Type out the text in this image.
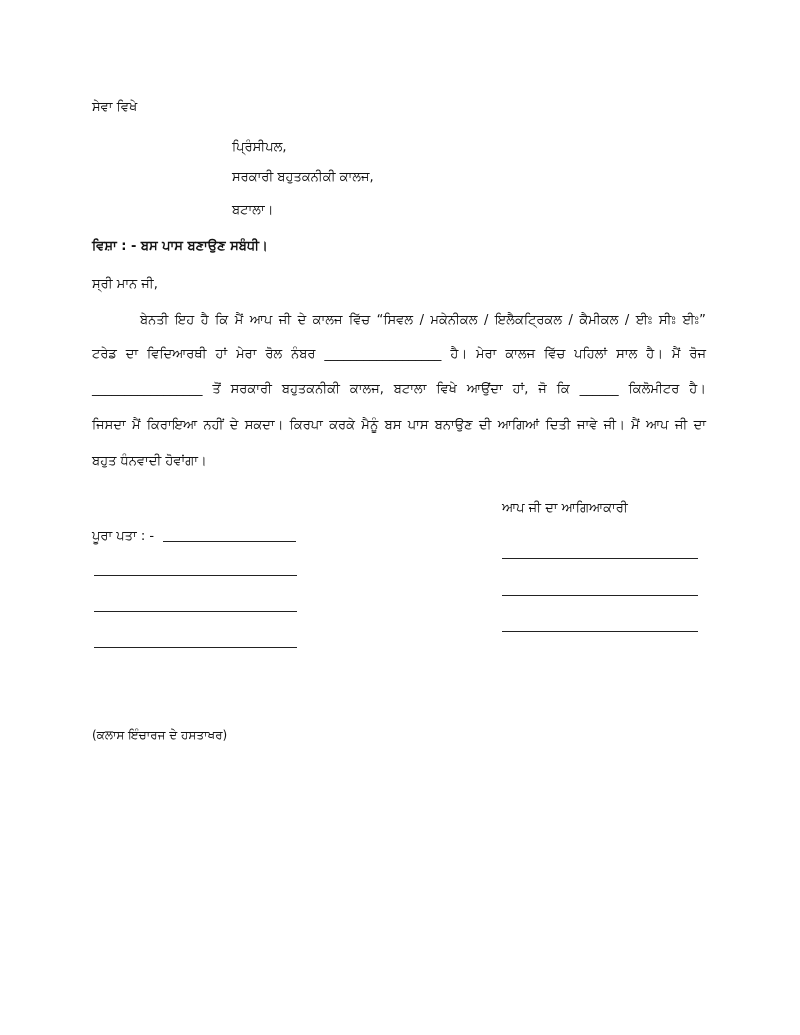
ਸੇਵਾ ਵਿਖੇ
ਪ੍ਰਿੰਸੀਪਲ,
ਸਰਕਾਰੀ ਬਹੁਤਕਨੀਕੀ ਕਾਲਜ,
ਬਟਾਲਾ।
ਵਿਸ਼ਾ : - ਬਸ ਪਾਸ ਬਣਾਉਣ ਸਬੰਧੀ।
ਸ੍ਰੀ ਮਾਨ ਜੀ,
ਬੇਨਤੀ ਇਹ ਹੈ ਕਿ ਮੈਂ ਆਪ ਜੀ ਦੇ ਕਾਲਜ ਵਿੱਚ “ਸਿਵਲ / ਮਕੇਨੀਕਲ / ਇਲੈਕਟ੍ਰਿਕਲ / ਕੈਮੀਕਲ / ਈਃ ਸੀਃ ਈਃ”
ਟਰੇਡ ਦਾ ਵਿਦਿਆਰਥੀ ਹਾਂ ਮੇਰਾ ਰੋਲ ਨੰਬਰ __________________ ਹੈ। ਮੇਰਾ ਕਾਲਜ ਵਿੱਚ ਪਹਿਲਾਂ ਸਾਲ ਹੈ। ਮੈਂ ਰੋਜ
_________________ ਤੋਂ ਸਰਕਾਰੀ ਬਹੁਤਕਨੀਕੀ ਕਾਲਜ, ਬਟਾਲਾ ਵਿਖੇ ਆਉਂਦਾ ਹਾਂ, ਜੋ ਕਿ ______ ਕਿਲੋਮੀਟਰ ਹੈ।
ਜਿਸਦਾ ਮੈਂ ਕਿਰਾਇਆ ਨਹੀਂ ਦੇ ਸਕਦਾ। ਕਿਰਪਾ ਕਰਕੇ ਮੈਨੂੰ ਬਸ ਪਾਸ ਬਨਾਉਣ ਦੀ ਆਗਿਆਂ ਦਿਤੀ ਜਾਵੇ ਜੀ। ਮੈਂ ਆਪ ਜੀ ਦਾ
ਬਹੁਤ ਧੰਨਵਾਦੀ ਹੋਵਾਂਗਾ।
ਆਪ ਜੀ ਦਾ ਆਗਿਆਕਾਰੀ
ਪੂਰਾ ਪਤਾ : -
(ਕਲਾਸ ਇੰਚਾਰਜ ਦੇ ਹਸਤਾਖਰ)
